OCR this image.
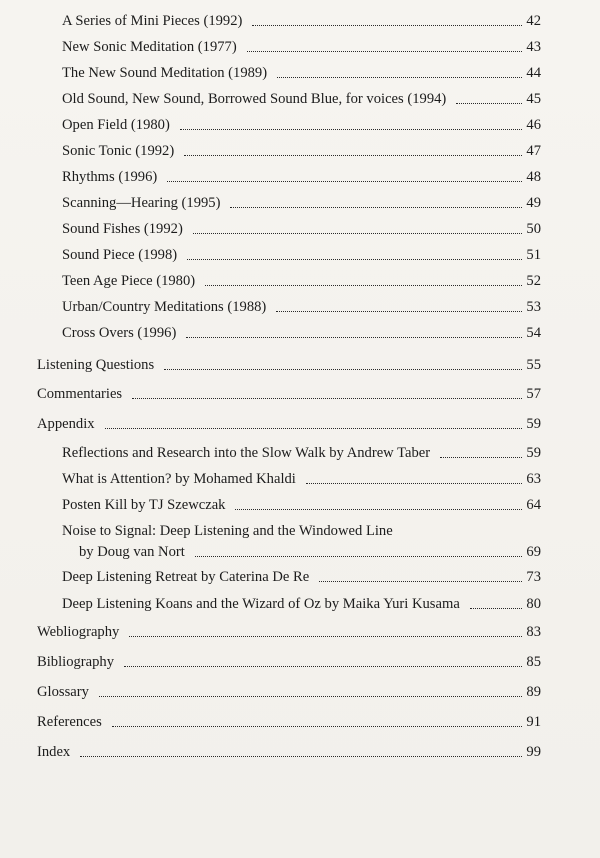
A Series of Mini Pieces (1992)	42
New Sonic Meditation (1977)	43
The New Sound Meditation (1989)	44
Old Sound, New Sound, Borrowed Sound Blue, for voices (1994)	45
Open Field (1980)	46
Sonic Tonic (1992)	47
Rhythms (1996)	48
Scanning—Hearing (1995)	49
Sound Fishes (1992)	50
Sound Piece (1998)	51
Teen Age Piece (1980)	52
Urban/Country Meditations (1988)	53
Cross Overs (1996)	54
Listening Questions	55
Commentaries	57
Appendix	59
Reflections and Research into the Slow Walk by Andrew Taber	59
What is Attention? by Mohamed Khaldi	63
Posten Kill by TJ Szewczak	64
Noise to Signal: Deep Listening and the Windowed Line
by Doug van Nort	69
Deep Listening Retreat by Caterina De Re	73
Deep Listening Koans and the Wizard of Oz by Maika Yuri Kusama	80
Webliography	83
Bibliography	85
Glossary	89
References	91
Index	99
